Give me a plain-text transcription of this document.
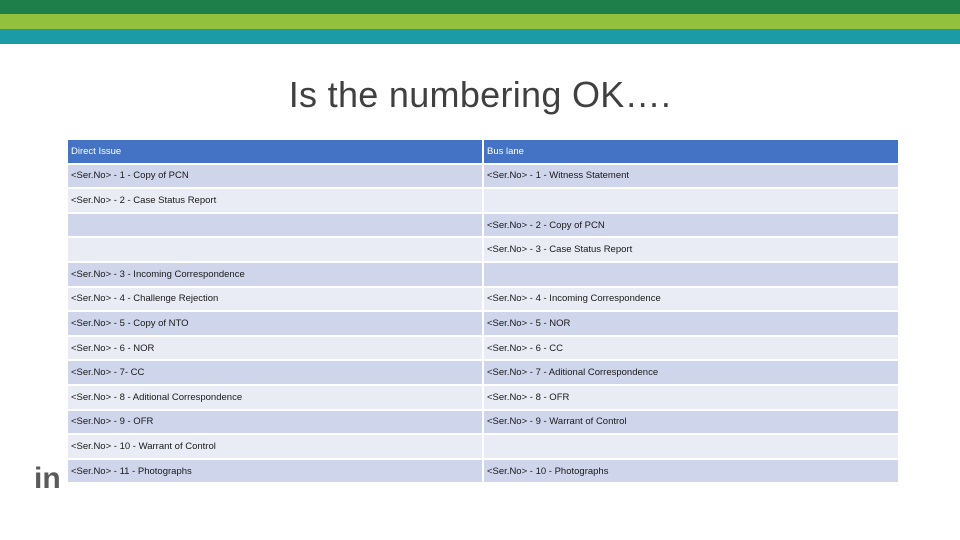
Is the numbering OK….
in
Direct Issue	Bus lane
<Ser.No> - 1 - Copy of PCN	<Ser.No> - 1 - Witness Statement
<Ser.No> - 2 - Case Status Report	
	<Ser.No> - 2 - Copy of PCN
	<Ser.No> - 3 - Case Status Report
<Ser.No> - 3 - Incoming Correspondence	
<Ser.No> - 4 - Challenge Rejection	<Ser.No> - 4 - Incoming Correspondence
<Ser.No> - 5 - Copy of NTO	<Ser.No> - 5 - NOR
<Ser.No> - 6 - NOR	<Ser.No> - 6 - CC
<Ser.No> - 7- CC	<Ser.No> - 7 - Aditional Correspondence
<Ser.No> - 8 - Aditional Correspondence	<Ser.No> - 8 - OFR
<Ser.No> - 9 - OFR	<Ser.No> - 9 - Warrant of Control
<Ser.No> - 10 - Warrant of Control	
<Ser.No> - 11 - Photographs	<Ser.No> - 10 - Photographs
